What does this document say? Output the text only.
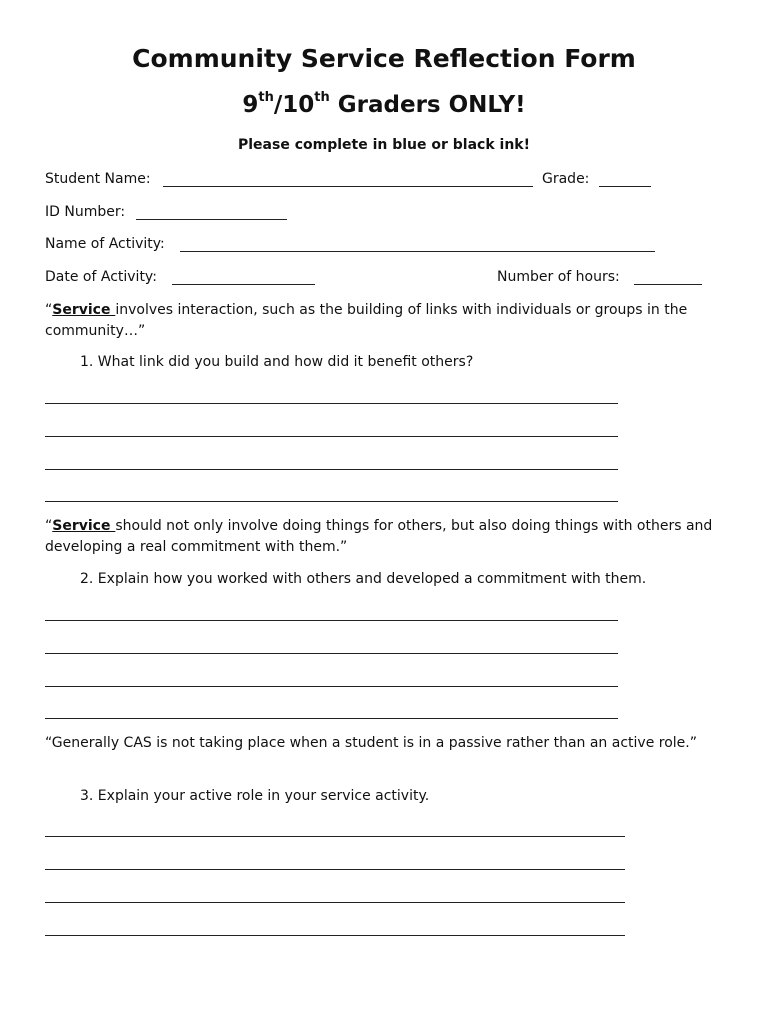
Community Service Reflection Form
9th/10th Graders ONLY!
Please complete in blue or black ink!
Student Name:	Grade:
ID Number:
Name of Activity:
Date of Activity:	Number of hours:
“Service involves interaction, such as the building of links with individuals or groups in the community…”
1. What link did you build and how did it benefit others?
“Service should not only involve doing things for others, but also doing things with others and developing a real commitment with them.”
2. Explain how you worked with others and developed a commitment with them.
“Generally CAS is not taking place when a student is in a passive rather than an active role.”
3. Explain your active role in your service activity.
